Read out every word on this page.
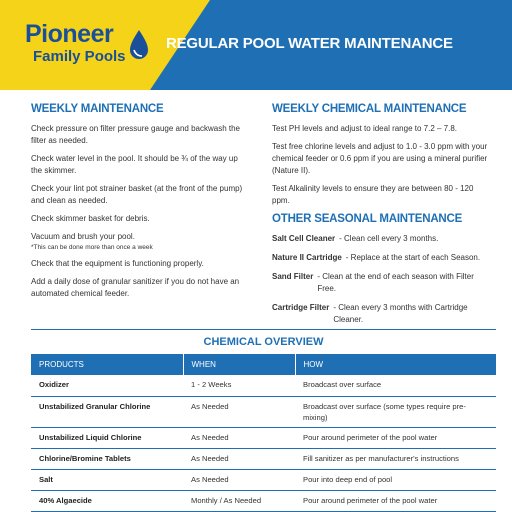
Pioneer
Family Pools
REGULAR POOL WATER MAINTENANCE
WEEKLY MAINTENANCE

Check pressure on filter pressure gauge and backwash the filter as needed.

Check water level in the pool. It should be ¾ of the way up the skimmer.

Check your lint pot strainer basket (at the front of the pump) and clean as needed.

Check skimmer basket for debris.

Vacuum and brush your pool.
*This can be done more than once a week

Check that the equipment is functioning properly.

Add a daily dose of granular sanitizer if you do not have an automated chemical feeder.

WEEKLY CHEMICAL MAINTENANCE

Test PH levels and adjust to ideal range to 7.2 – 7.8.

Test free chlorine levels and adjust to 1.0 - 3.0 ppm with your chemical feeder or 0.6 ppm if you are using a mineral purifier (Nature II).

Test Alkalinity levels to ensure they are between 80 - 120 ppm.

OTHER SEASONAL MAINTENANCE
Salt Cell Cleaner - Clean cell every 3 months.
Nature II Cartridge - Replace at the start of each Season.
Sand Filter - Clean at the end of each season with Filter Free.
Cartridge Filter - Clean every 3 months with Cartridge Cleaner.
CHEMICAL OVERVIEW
PRODUCTS	WHEN	HOW
Oxidizer	1 - 2 Weeks	Broadcast over surface
Unstabilized Granular Chlorine	As Needed	Broadcast over surface (some types require pre-mixing)
Unstabilized Liquid Chlorine	As Needed	Pour around perimeter of the pool water
Chlorine/Bromine Tablets	As Needed	Fill sanitizer as per manufacturer's instructions
Salt	As Needed	Pour into deep end of pool
40% Algaecide	Monthly / As Needed	Pour around perimeter of the pool water
